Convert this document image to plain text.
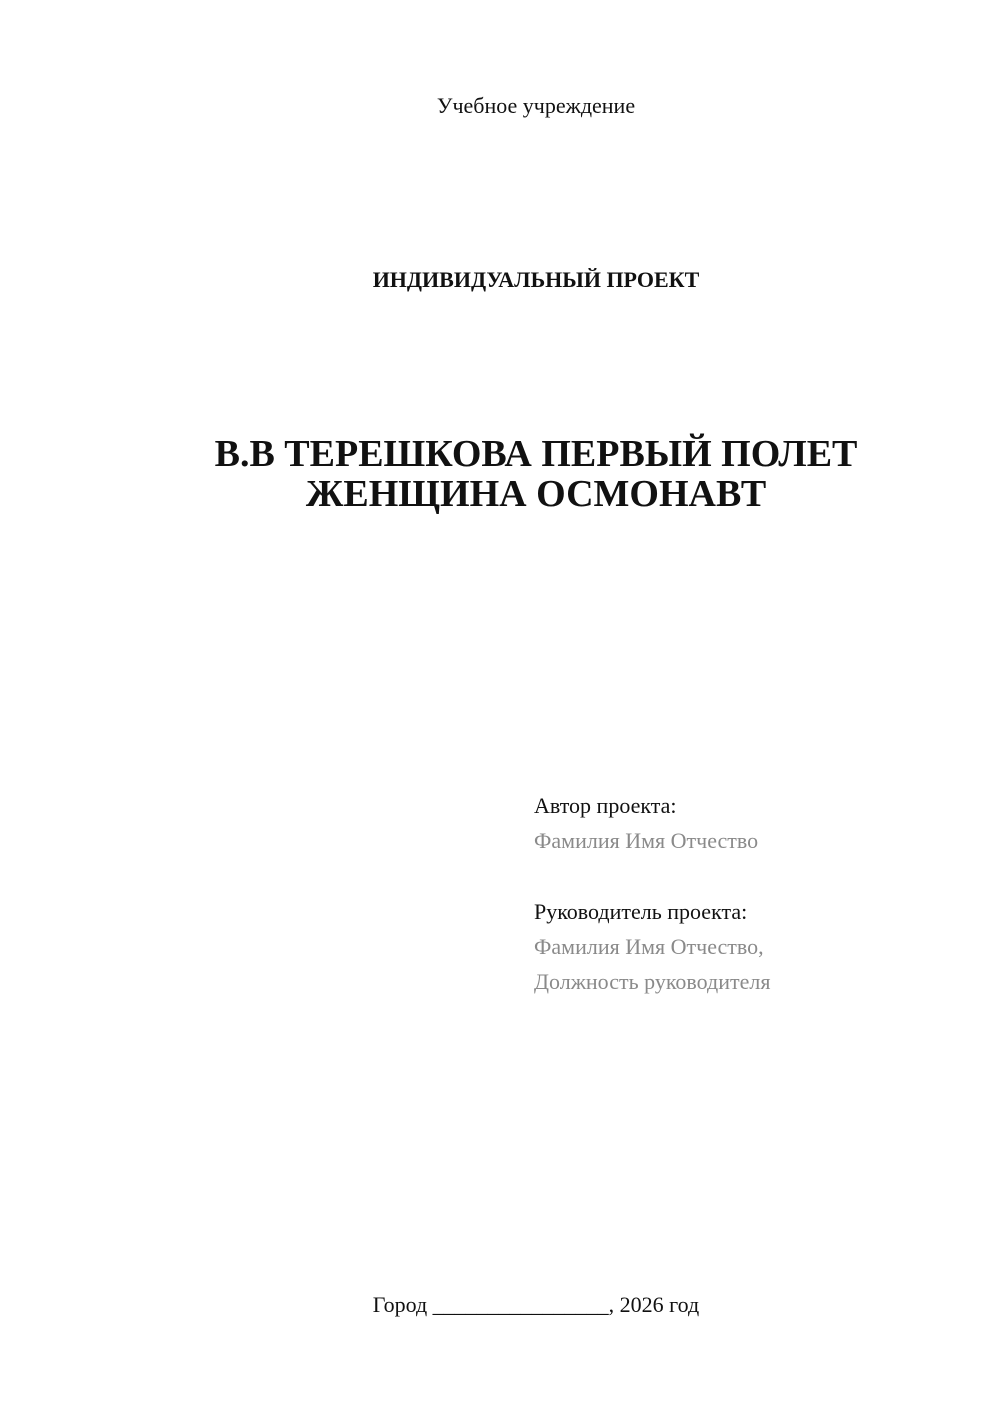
Учебное учреждение
ИНДИВИДУАЛЬНЫЙ ПРОЕКТ
В.В ТЕРЕШКОВА ПЕРВЫЙ ПОЛЕТ
ЖЕНЩИНА ОСМОНАВТ
Автор проекта:
Фамилия Имя Отчество
Руководитель проекта:
Фамилия Имя Отчество,
Должность руководителя
Город ________________, 2026 год
